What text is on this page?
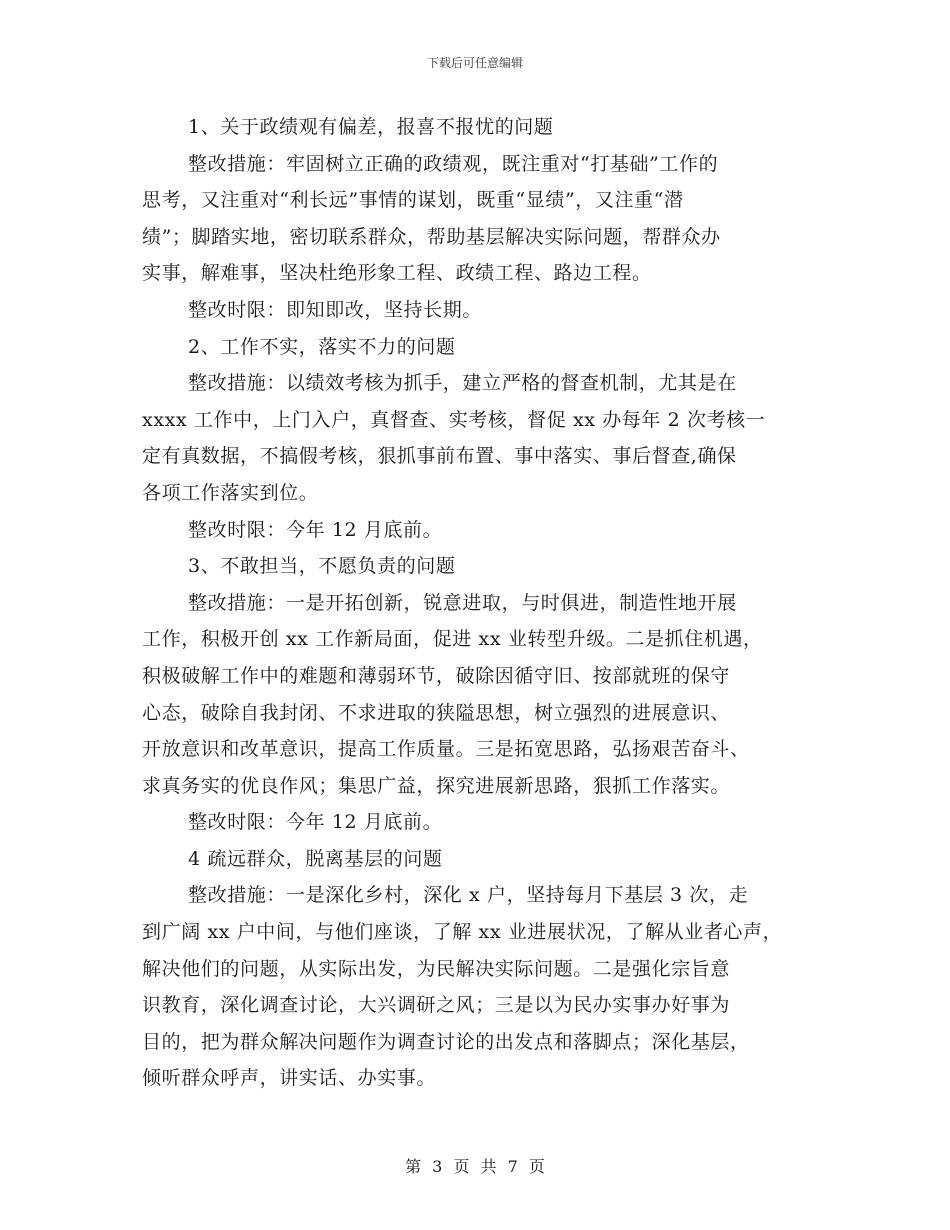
下载后可任意编辑
1、关于政绩观有偏差，报喜不报忧的问题
整改措施：牢固树立正确的政绩观，既注重对“打基础”工作的
思考，又注重对“利长远”事情的谋划，既重“显绩”，又注重“潜
绩”；脚踏实地，密切联系群众，帮助基层解决实际问题，帮群众办
实事，解难事，坚决杜绝形象工程、政绩工程、路边工程。
整改时限：即知即改，坚持长期。
2、工作不实，落实不力的问题
整改措施：以绩效考核为抓手，建立严格的督查机制，尤其是在
xxxx 工作中，上门入户，真督查、实考核，督促 xx 办每年 2 次考核一
定有真数据，不搞假考核，狠抓事前布置、事中落实、事后督查,确保
各项工作落实到位。
整改时限：今年 12 月底前。
3、不敢担当，不愿负责的问题
整改措施：一是开拓创新，锐意进取，与时俱进，制造性地开展
工作，积极开创 xx 工作新局面，促进 xx 业转型升级。二是抓住机遇，
积极破解工作中的难题和薄弱环节，破除因循守旧、按部就班的保守
心态，破除自我封闭、不求进取的狭隘思想，树立强烈的进展意识、
开放意识和改革意识，提高工作质量。三是拓宽思路，弘扬艰苦奋斗、
求真务实的优良作风；集思广益，探究进展新思路，狠抓工作落实。
整改时限：今年 12 月底前。
4 疏远群众，脱离基层的问题
整改措施：一是深化乡村，深化 x 户，坚持每月下基层 3 次，走
到广阔 xx 户中间，与他们座谈，了解 xx 业进展状况，了解从业者心声，
解决他们的问题，从实际出发，为民解决实际问题。二是强化宗旨意
识教育，深化调查讨论，大兴调研之风；三是以为民办实事办好事为
目的，把为群众解决问题作为调查讨论的出发点和落脚点；深化基层，
倾听群众呼声，讲实话、办实事。
第 3 页 共 7 页
